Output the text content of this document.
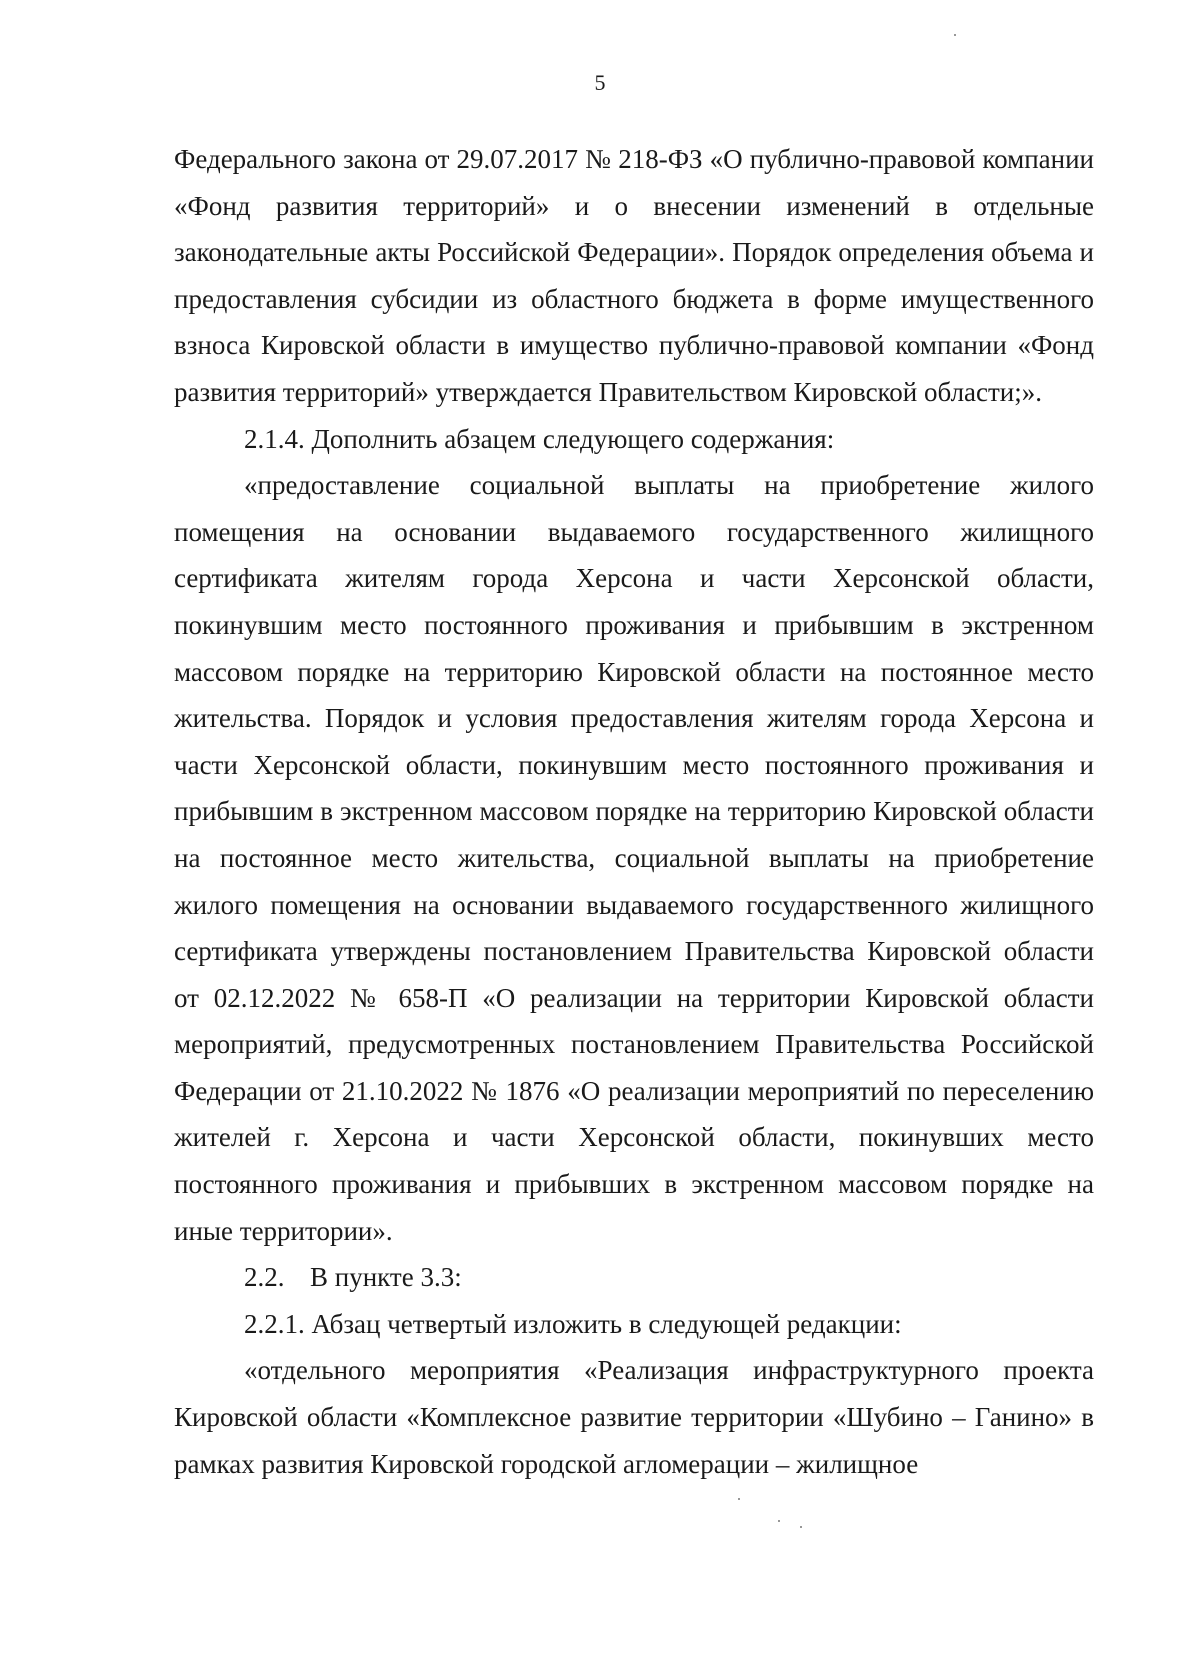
5

Федерального закона от 29.07.2017 № 218-ФЗ «О публично-правовой компании «Фонд развития территорий» и о внесении изменений в отдельные законодательные акты Российской Федерации». Порядок определения объема и предоставления субсидии из областного бюджета в форме имущественного взноса Кировской области в имущество публично-правовой компании «Фонд развития территорий» утверждается Правительством Кировской области;».

2.1.4. Дополнить абзацем следующего содержания:

«предоставление социальной выплаты на приобретение жилого помещения на основании выдаваемого государственного жилищного сертификата жителям города Херсона и части Херсонской области, покинувшим место постоянного проживания и прибывшим в экстренном массовом порядке на территорию Кировской области на постоянное место жительства. Порядок и условия предоставления жителям города Херсона и части Херсонской области, покинувшим место постоянного проживания и прибывшим в экстренном массовом порядке на территорию Кировской области на постоянное место жительства, социальной выплаты на приобретение жилого помещения на основании выдаваемого государственного жилищного сертификата утверждены постановлением Правительства Кировской области от 02.12.2022 № 658-П «О реализации на территории Кировской области мероприятий, предусмотренных постановлением Правительства Российской Федерации от 21.10.2022 № 1876 «О реализации мероприятий по переселению жителей г. Херсона и части Херсонской области, покинувших место постоянного проживания и прибывших в экстренном массовом порядке на иные территории».

2.2. В пункте 3.3:

2.2.1. Абзац четвертый изложить в следующей редакции:

«отдельного мероприятия «Реализация инфраструктурного проекта Кировской области «Комплексное развитие территории «Шубино – Ганино» в рамках развития Кировской городской агломерации – жилищное
